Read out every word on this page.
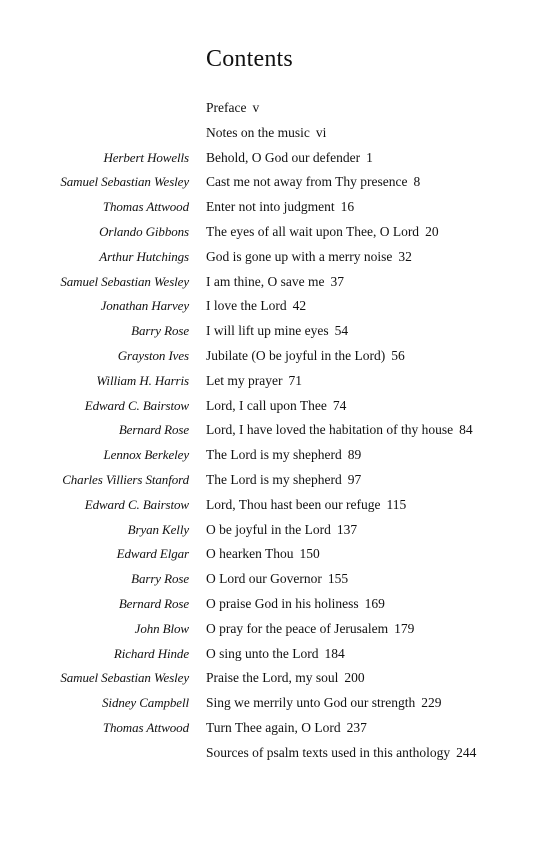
Contents
Preface v
Notes on the music vi
Herbert Howells Behold, O God our defender 1
Samuel Sebastian Wesley Cast me not away from Thy presence 8
Thomas Attwood Enter not into judgment 16
Orlando Gibbons The eyes of all wait upon Thee, O Lord 20
Arthur Hutchings God is gone up with a merry noise 32
Samuel Sebastian Wesley I am thine, O save me 37
Jonathan Harvey I love the Lord 42
Barry Rose I will lift up mine eyes 54
Grayston Ives Jubilate (O be joyful in the Lord) 56
William H. Harris Let my prayer 71
Edward C. Bairstow Lord, I call upon Thee 74
Bernard Rose Lord, I have loved the habitation of thy house 84
Lennox Berkeley The Lord is my shepherd 89
Charles Villiers Stanford The Lord is my shepherd 97
Edward C. Bairstow Lord, Thou hast been our refuge 115
Bryan Kelly O be joyful in the Lord 137
Edward Elgar O hearken Thou 150
Barry Rose O Lord our Governor 155
Bernard Rose O praise God in his holiness 169
John Blow O pray for the peace of Jerusalem 179
Richard Hinde O sing unto the Lord 184
Samuel Sebastian Wesley Praise the Lord, my soul 200
Sidney Campbell Sing we merrily unto God our strength 229
Thomas Attwood Turn Thee again, O Lord 237
Sources of psalm texts used in this anthology 244
